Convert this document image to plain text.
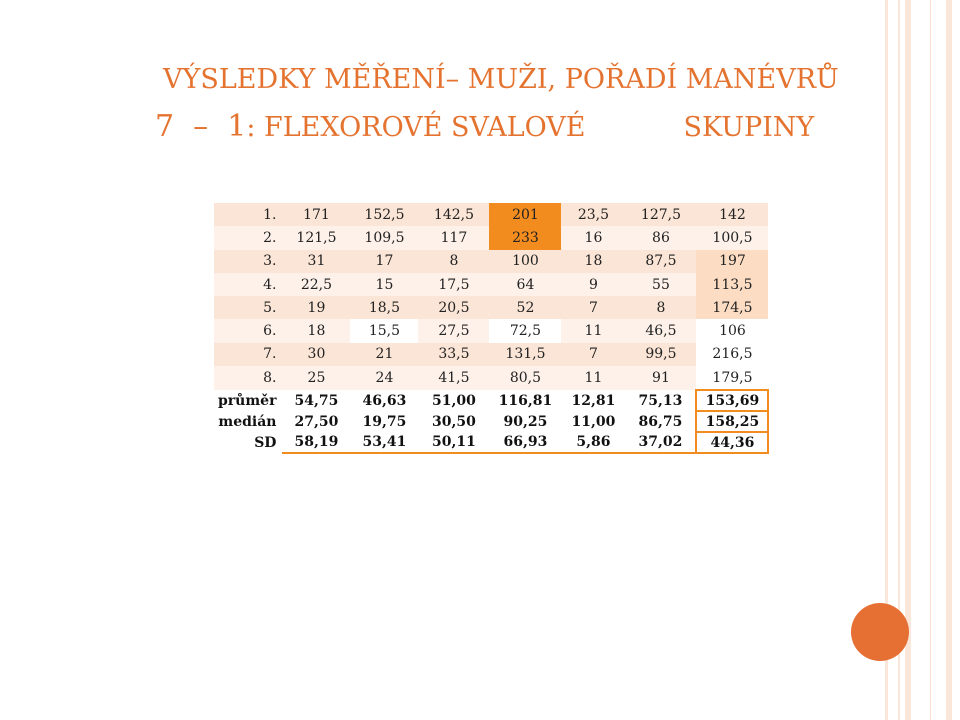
VÝSLEDKY MĚŘENÍ– MUŽI, POŘADÍ MANÉVRŮ
7  –  1: FLEXOROVÉ SVALOVÉ	SKUPINY
1.	171	152,5	142,5	201	23,5	127,5	142
2.	121,5	109,5	117	233	16	86	100,5
3.	31	17	8	100	18	87,5	197
4.	22,5	15	17,5	64	9	55	113,5
5.	19	18,5	20,5	52	7	8	174,5
6.	18	15,5	27,5	72,5	11	46,5	106
7.	30	21	33,5	131,5	7	99,5	216,5
8.	25	24	41,5	80,5	11	91	179,5
průměr	54,75	46,63	51,00	116,81	12,81	75,13	153,69
medián	27,50	19,75	30,50	90,25	11,00	86,75	158,25
SD	58,19	53,41	50,11	66,93	5,86	37,02	44,36
